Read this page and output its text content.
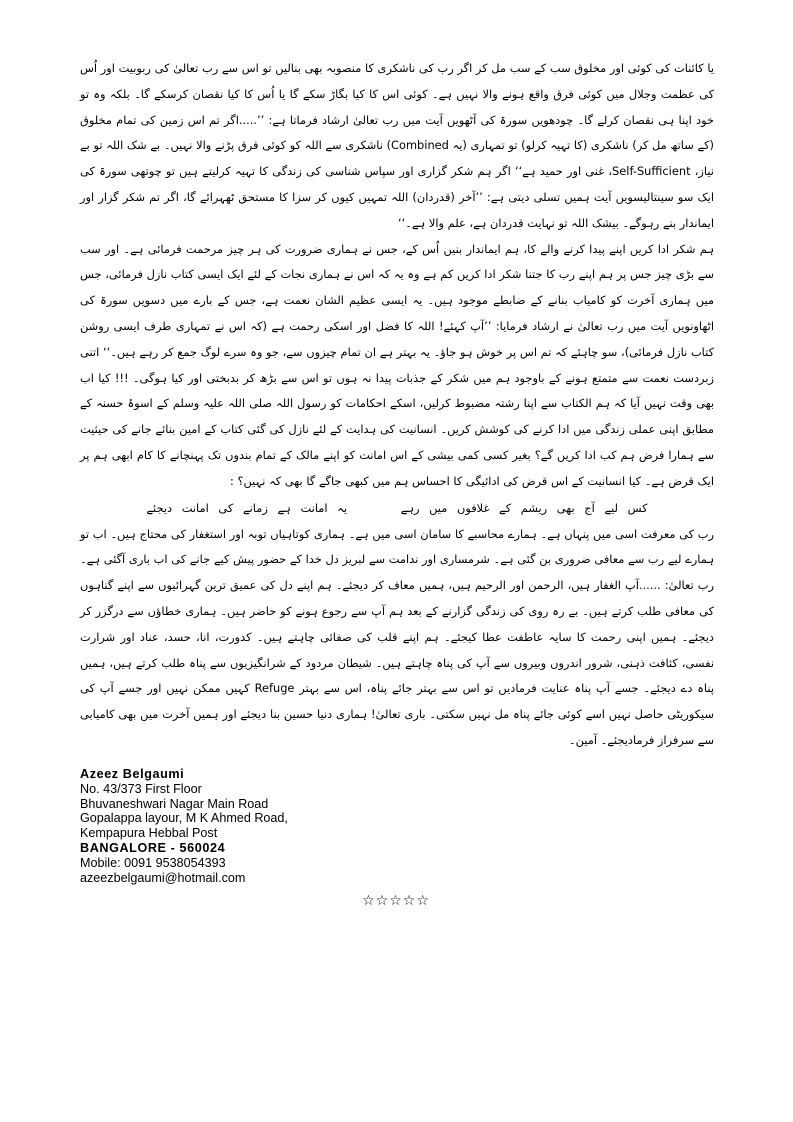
یا کائنات کی کوئی اور مخلوق سب کے سب مل کر اگر رب کی ناشکری کا منصوبہ بھی بنالیں تو اس سے رب تعالیٰ کی ربوبیت اور اُس کی عظمت وجلال میں کوئی فرق واقع ہونے والا نہیں ہے۔ کوئی اس کا کیا بگاڑ سکے گا یا اُس کا کیا نقصان کرسکے گا۔ بلکہ وہ تو خود اپنا ہی نقصان کرلے گا۔ چودھویں سورۃ کی آٹھویں آیت میں رب تعالیٰ ارشاد فرماتا ہے: ’’.....اگر تم اس زمین کی تمام مخلوق (کے ساتھ مل کر) ناشکری (کا تہیہ کرلو) تو تمہاری (یہ Combined) ناشکری سے اللہ کو کوئی فرق پڑنے والا نہیں۔ بے شک اللہ تو بے نیاز، Self-Sufficient، غنی اور حمید ہے‘‘ اگر ہم شکر گزاری اور سپاس شناسی کی زندگی کا تہیہ کرلیتے ہیں تو چوتھی سورۃ کی ایک سو سینتالیسویں آیت ہمیں تسلی دیتی ہے: ’’آخر (قدردان) اللہ تمہیں کیوں کر سزا کا مستحق ٹھہرائے گا، اگر تم شکر گزار اور ایماندار بنے رہوگے۔ بیشک اللہ تو نہایت قدردان ہے، علم والا ہے۔‘‘

ہم شکر ادا کریں اپنے پیدا کرنے والے کا، ہم ایماندار بنیں اُس کے، جس نے ہماری ضرورت کی ہر چیز مرحمت فرمائی ہے۔ اور سب سے بڑی چیز جس پر ہم اپنے رب کا جتنا شکر ادا کریں کم ہے وہ یہ کہ اس نے ہماری نجات کے لئے ایک ایسی کتاب نازل فرمائی، جس میں ہماری آخرت کو کامیاب بنانے کے ضابطے موجود ہیں۔ یہ ایسی عظیم الشان نعمت ہے، جس کے بارے میں دسویں سورۃ کی اٹھاونویں آیت میں رب تعالیٰ نے ارشاد فرمایا: ’’آپ کہئے! اللہ کا فضل اور اسکی رحمت ہے (کہ اس نے تمہاری طرف ایسی روشن کتاب نازل فرمائی)، سو چاہئے کہ تم اس پر خوش ہو جاؤ۔ یہ بہتر ہے ان تمام چیزوں سے، جو وہ سرے لوگ جمع کر رہے ہیں۔‘‘ اتنی زبردست نعمت سے متمتع ہونے کے باوجود ہم میں شکر کے جذبات پیدا نہ ہوں تو اس سے بڑھ کر بدبختی اور کیا ہوگی۔ !!! کیا اب بھی وقت نہیں آیا کہ ہم الکتاب سے اپنا رشتہ مضبوط کرلیں، اسکے احکامات کو رسول اللہ صلی اللہ علیہ وسلم کے اسوۂ حسنہ کے مطابق اپنی عملی زندگی میں ادا کرنے کی کوشش کریں۔ انسانیت کی ہدایت کے لئے نازل کی گئی کتاب کے امین بنائے جانے کی حیثیت سے ہمارا فرض ہم کب ادا کریں گے؟ بغیر کسی کمی بیشی کے اس امانت کو اپنے مالک کے تمام بندوں تک پہنچانے کا کام ابھی ہم پر ایک قرض ہے۔ کیا انسانیت کے اس قرض کی ادائیگی کا احساس ہم میں کبھی جاگے گا بھی کہ نہیں؟ :

کس لیے آج بھی ریشم کے غلافوں میں رہے یہ امانت ہے زمانے کی امانت دیجئے

رب کی معرفت اسی میں پنہاں ہے۔ ہمارے محاسبے کا سامان اسی میں ہے۔ ہماری کوتاہیاں توبہ اور استغفار کی محتاج ہیں۔ اب تو ہمارے لیے رب سے معافی ضروری بن گئی ہے۔ شرمساری اور ندامت سے لبریز دل خدا کے حضور پیش کیے جانے کی اب باری آگئی ہے۔ رب تعالیٰ: ......آپ الغفار ہیں، الرحمن اور الرحیم ہیں، ہمیں معاف کر دیجئے۔ ہم اپنے دل کی عمیق ترین گہرائیوں سے اپنے گناہوں کی معافی طلب کرتے ہیں۔ بے رہ روی کی زندگی گزارنے کے بعد ہم آپ سے رجوع ہونے کو حاضر ہیں۔ ہماری خطاؤں سے درگزر کر دیجئے۔ ہمیں اپنی رحمت کا سایہ عاطفت عطا کیجئے۔ ہم اپنے قلب کی صفائی چاہتے ہیں۔ کدورت، انا، حسد، عناد اور شرارت نفسی، کثافت ذہنی، شرور اندروں وبیروں سے آپ کی پناہ چاہتے ہیں۔ شیطان مردود کے شرانگیزیوں سے پناہ طلب کرتے ہیں، ہمیں پناہ دے دیجئے۔ جسے آپ پناہ عنایت فرمادیں تو اس سے بہتر جائے پناہ، اس سے بہتر Refuge کہیں ممکن نہیں اور جسے آپ کی سیکوریٹی حاصل نہیں اسے کوئی جائے پناہ مل نہیں سکتی۔ باری تعالیٰ! ہماری دنیا حسین بنا دیجئے اور ہمیں آخرت میں بھی کامیابی سے سرفراز فرمادیجئے۔ آمین۔

Azeez Belgaumi
No. 43/373 First Floor
Bhuvaneshwari Nagar Main Road
Gopalappa layour, M K Ahmed Road,
Kempapura Hebbal Post
BANGALORE - 560024
Mobile: 0091 9538054393
azeezbelgaumi@hotmail.com
☆☆☆☆☆
